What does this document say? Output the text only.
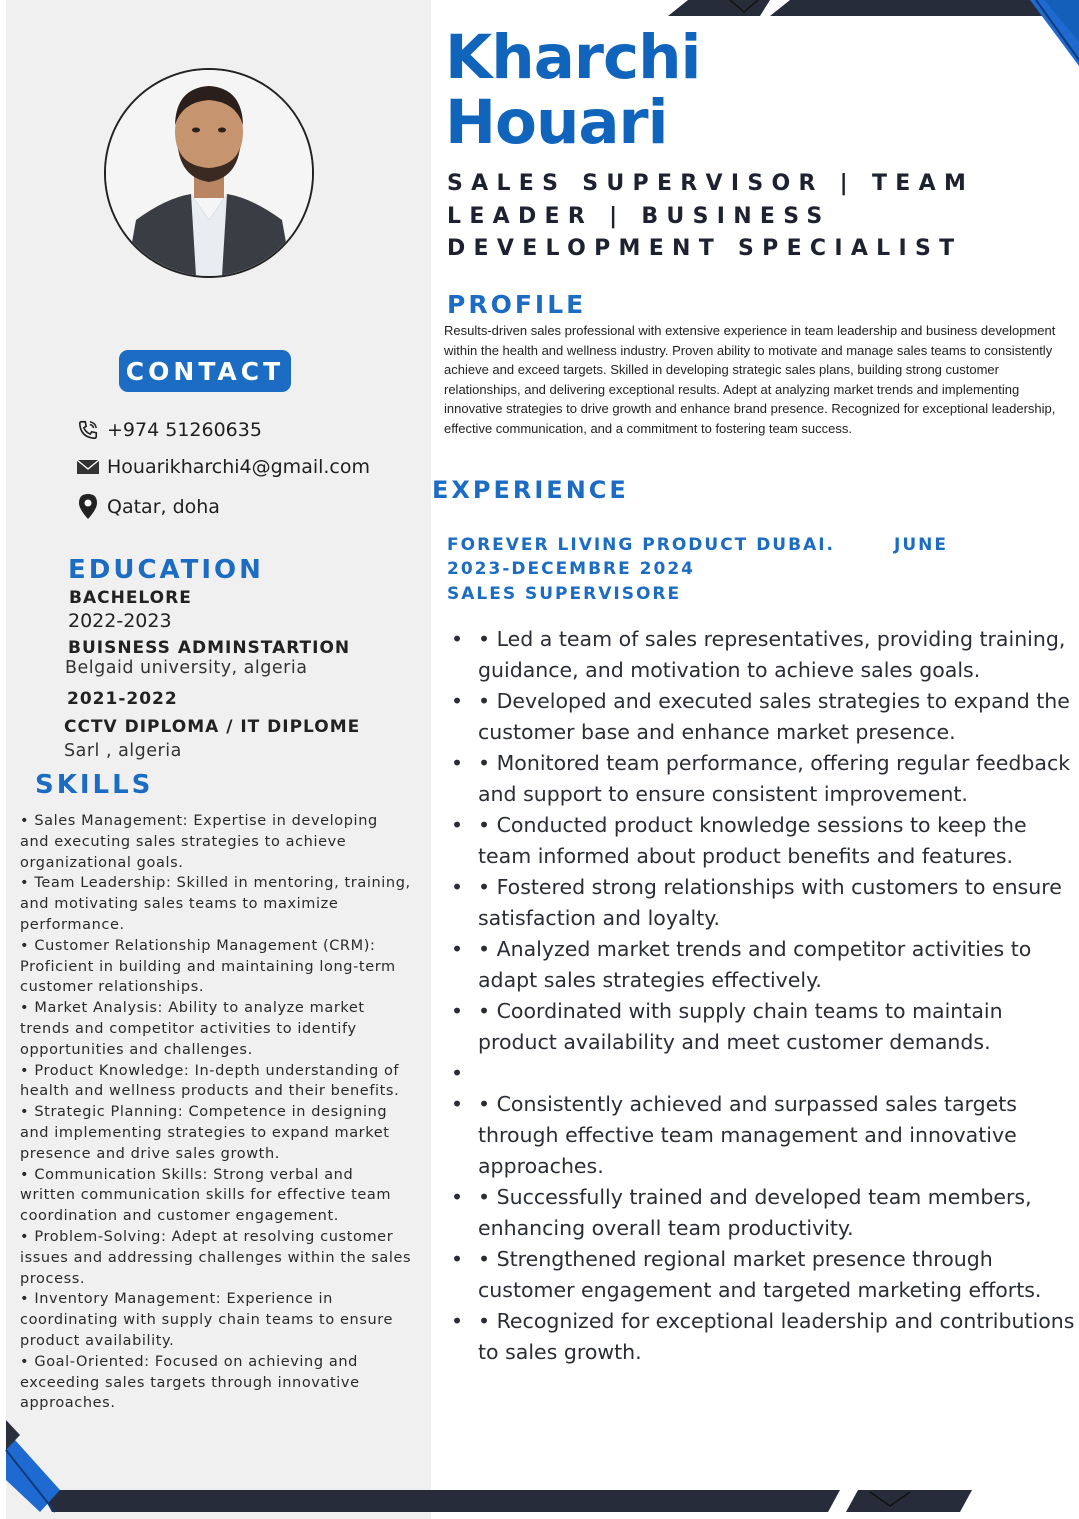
CONTACT
+974 51260635
Houarikharchi4@gmail.com
Qatar, doha
EDUCATION
BACHELORE
2022-2023
BUISNESS ADMINSTARTION
Belgaid university, algeria
2021-2022
CCTV DIPLOMA / IT DIPLOME
Sarl , algeria
SKILLS

• Sales Management: Expertise in developing and executing sales strategies to achieve organizational goals.

• Team Leadership: Skilled in mentoring, training, and motivating sales teams to maximize performance.

• Customer Relationship Management (CRM): Proficient in building and maintaining long-term customer relationships.

• Market Analysis: Ability to analyze market trends and competitor activities to identify opportunities and challenges.

• Product Knowledge: In-depth understanding of health and wellness products and their benefits.

• Strategic Planning: Competence in designing and implementing strategies to expand market presence and drive sales growth.

• Communication Skills: Strong verbal and written communication skills for effective team coordination and customer engagement.

• Problem-Solving: Adept at resolving customer issues and addressing challenges within the sales process.

• Inventory Management: Experience in coordinating with supply chain teams to ensure product availability.

• Goal-Oriented: Focused on achieving and exceeding sales targets through innovative approaches.

Kharchi
Houari
SALES SUPERVISOR | TEAM LEADER | BUSINESS DEVELOPMENT SPECIALIST
PROFILE
Results-driven sales professional with extensive experience in team leadership and business development within the health and wellness industry. Proven ability to motivate and manage sales teams to consistently achieve and exceed targets. Skilled in developing strategic sales plans, building strong customer relationships, and delivering exceptional results. Adept at analyzing market trends and implementing innovative strategies to drive growth and enhance brand presence. Recognized for exceptional leadership, effective communication, and a commitment to fostering team success.
EXPERIENCE
FOREVER LIVING PRODUCT DUBAI.	JUNE
2023-DECEMBRE 2024
SALES SUPERVISORE
• • Led a team of sales representatives, providing training, guidance, and motivation to achieve sales goals.
• • Developed and executed sales strategies to expand the customer base and enhance market presence.
• • Monitored team performance, offering regular feedback and support to ensure consistent improvement.
• • Conducted product knowledge sessions to keep the team informed about product benefits and features.
• • Fostered strong relationships with customers to ensure satisfaction and loyalty.
• • Analyzed market trends and competitor activities to adapt sales strategies effectively.
• • Coordinated with supply chain teams to maintain product availability and meet customer demands.
•
• • Consistently achieved and surpassed sales targets through effective team management and innovative approaches.
• • Successfully trained and developed team members, enhancing overall team productivity.
• • Strengthened regional market presence through customer engagement and targeted marketing efforts.
• • Recognized for exceptional leadership and contributions to sales growth.
